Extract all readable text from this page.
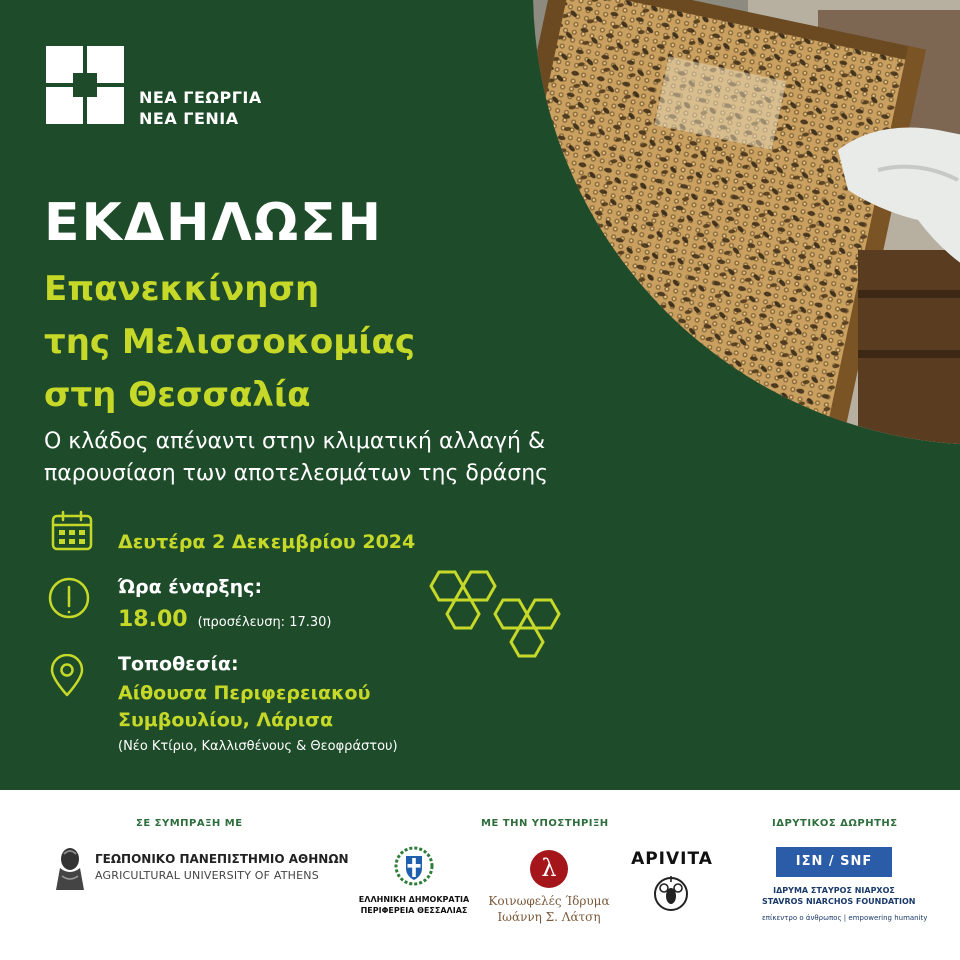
ΝΕΑ ΓΕΩΡΓΙΑ
ΝΕΑ ΓΕΝΙΑ
ΕΚΔΗΛΩΣΗ
Επανεκκίνηση
της Μελισσοκομίας
στη Θεσσαλία
Ο κλάδος απέναντι στην κλιματική αλλαγή &
παρουσίαση των αποτελεσμάτων της δράσης
Δευτέρα 2 Δεκεμβρίου 2024
Ώρα έναρξης:
18.00 (προσέλευση: 17.30)
Τοποθεσία:
Αίθουσα Περιφερειακού
Συμβουλίου, Λάρισα
(Νέο Κτίριο, Καλλισθένους & Θεοφράστου)
ΣΕ ΣΥΜΠΡΑΞΗ ΜΕ	ΜΕ ΤΗΝ ΥΠΟΣΤΗΡΙΞΗ	ΙΔΡΥΤΙΚΟΣ ΔΩΡΗΤΗΣ
ΓΕΩΠΟΝΙΚΟ ΠΑΝΕΠΙΣΤΗΜΙΟ ΑΘΗΝΩΝ
AGRICULTURAL UNIVERSITY OF ATHENS
ΕΛΛΗΝΙΚΗ ΔΗΜΟΚΡΑΤΙΑ
ΠΕΡΙΦΕΡΕΙΑ ΘΕΣΣΑΛΙΑΣ
λ
Κοινωφελές Ίδρυμα
Ιωάννη Σ. Λάτση
APIVITA	ΙΣΝ / SNF
ΙΔΡΥΜΑ ΣΤΑΥΡΟΣ ΝΙΑΡΧΟΣ
STAVROS NIARCHOS FOUNDATION
επίκεντρο ο άνθρωπος | empowering humanity
